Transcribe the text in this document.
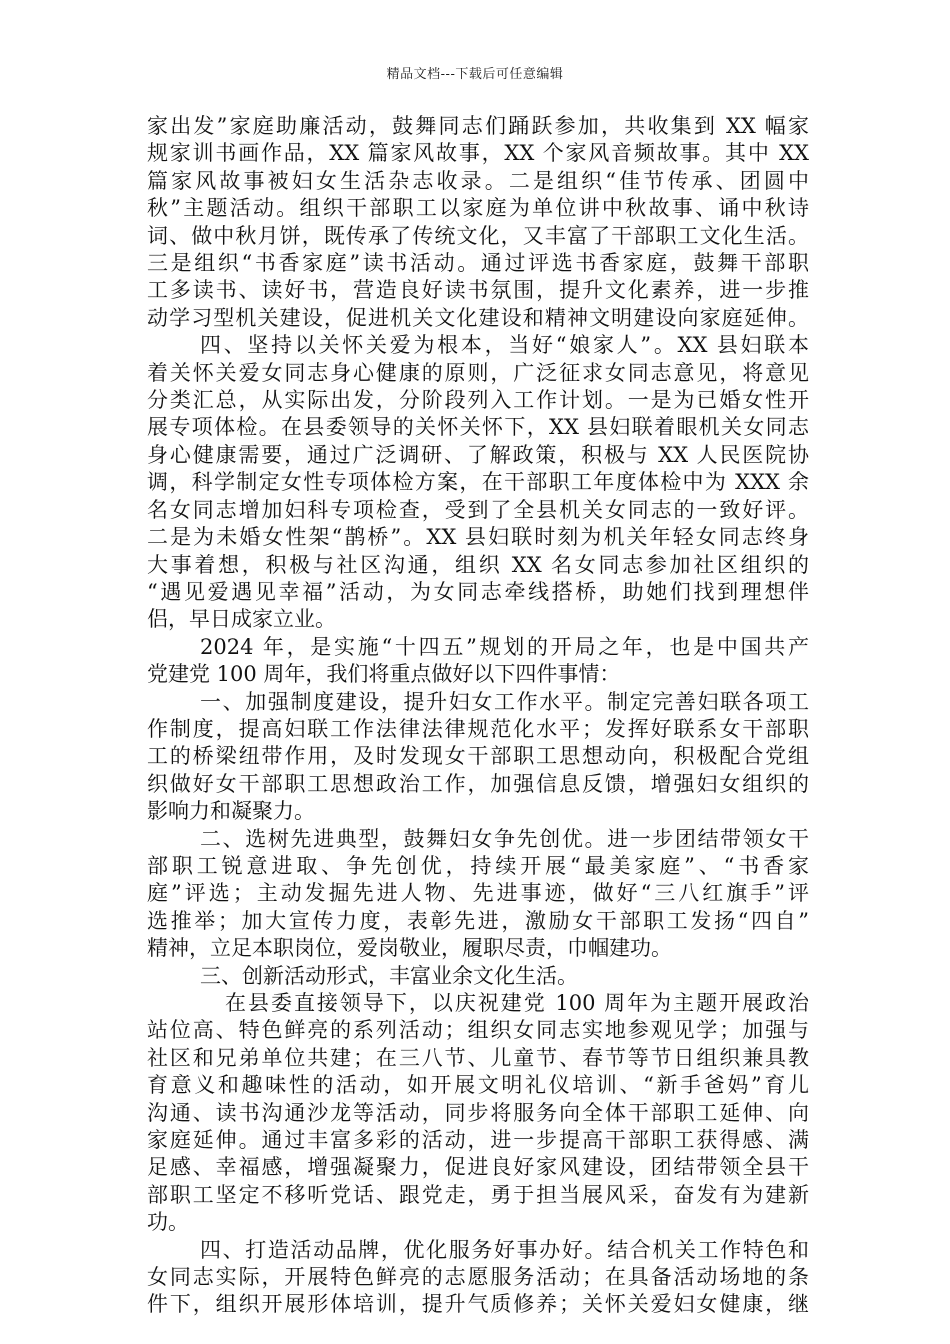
精品文档---下载后可任意编辑
家出发”家庭助廉活动，鼓舞同志们踊跃参加，共收集到 XX 幅家
规家训书画作品，XX 篇家风故事，XX 个家风音频故事。其中 XX
篇家风故事被妇女生活杂志收录。二是组织“佳节传承、团圆中
秋”主题活动。组织干部职工以家庭为单位讲中秋故事、诵中秋诗
词、做中秋月饼，既传承了传统文化，又丰富了干部职工文化生活。
三是组织“书香家庭”读书活动。通过评选书香家庭，鼓舞干部职
工多读书、读好书，营造良好读书氛围，提升文化素养，进一步推
动学习型机关建设，促进机关文化建设和精神文明建设向家庭延伸。
四、坚持以关怀关爱为根本，当好“娘家人”。XX 县妇联本
着关怀关爱女同志身心健康的原则，广泛征求女同志意见，将意见
分类汇总，从实际出发，分阶段列入工作计划。一是为已婚女性开
展专项体检。在县委领导的关怀关怀下，XX 县妇联着眼机关女同志
身心健康需要，通过广泛调研、了解政策，积极与 XX 人民医院协
调，科学制定女性专项体检方案，在干部职工年度体检中为 XXX 余
名女同志增加妇科专项检查，受到了全县机关女同志的一致好评。
二是为未婚女性架“鹊桥”。XX 县妇联时刻为机关年轻女同志终身
大事着想，积极与社区沟通，组织 XX 名女同志参加社区组织的
“遇见爱遇见幸福”活动，为女同志牵线搭桥，助她们找到理想伴
侣，早日成家立业。
2024 年，是实施“十四五”规划的开局之年，也是中国共产
党建党 100 周年，我们将重点做好以下四件事情：
一、加强制度建设，提升妇女工作水平。制定完善妇联各项工
作制度，提高妇联工作法律法律规范化水平；发挥好联系女干部职
工的桥梁纽带作用，及时发现女干部职工思想动向，积极配合党组
织做好女干部职工思想政治工作，加强信息反馈，增强妇女组织的
影响力和凝聚力。
二、选树先进典型，鼓舞妇女争先创优。进一步团结带领女干
部职工锐意进取、争先创优，持续开展“最美家庭”、“书香家
庭”评选；主动发掘先进人物、先进事迹，做好“三八红旗手”评
选推举；加大宣传力度，表彰先进，激励女干部职工发扬“四自”
精神，立足本职岗位，爱岗敬业，履职尽责，巾帼建功。
三、创新活动形式，丰富业余文化生活。
在县委直接领导下，以庆祝建党 100 周年为主题开展政治
站位高、特色鲜亮的系列活动；组织女同志实地参观见学；加强与
社区和兄弟单位共建；在三八节、儿童节、春节等节日组织兼具教
育意义和趣味性的活动，如开展文明礼仪培训、“新手爸妈”育儿
沟通、读书沟通沙龙等活动，同步将服务向全体干部职工延伸、向
家庭延伸。通过丰富多彩的活动，进一步提高干部职工获得感、满
足感、幸福感，增强凝聚力，促进良好家风建设，团结带领全县干
部职工坚定不移听党话、跟党走，勇于担当展风采，奋发有为建新
功。
四、打造活动品牌，优化服务好事办好。结合机关工作特色和
女同志实际，开展特色鲜亮的志愿服务活动；在具备活动场地的条
件下，组织开展形体培训，提升气质修养；关怀关爱妇女健康，继
